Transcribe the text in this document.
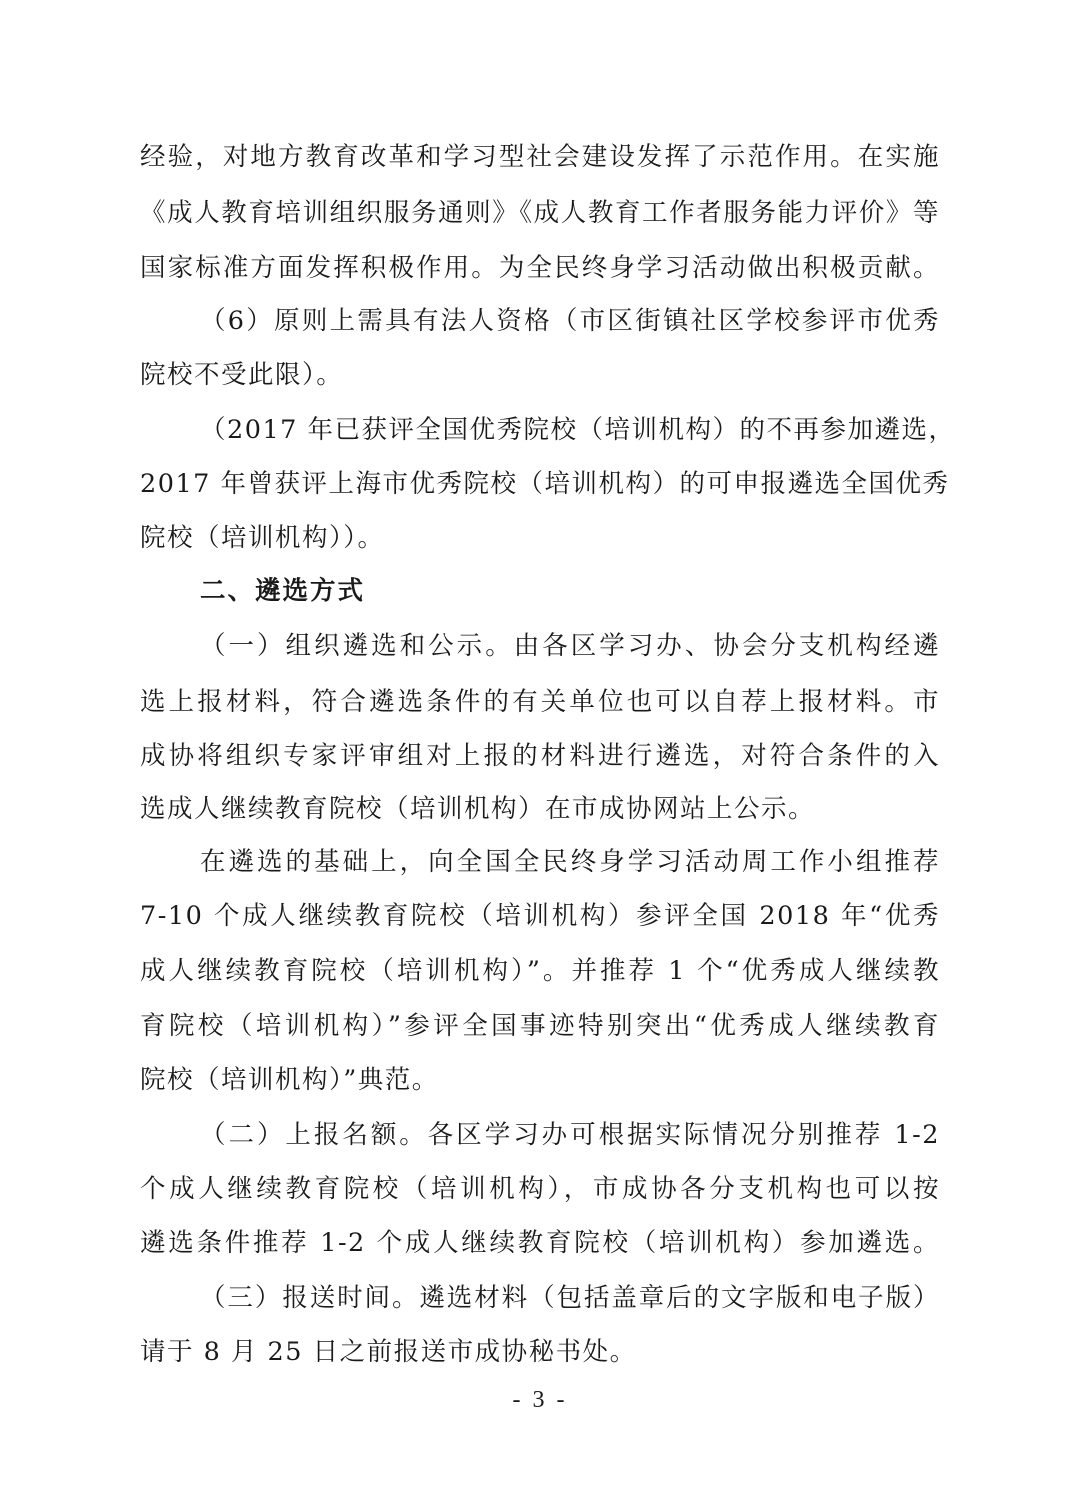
经验，对地方教育改革和学习型社会建设发挥了示范作用。在实施
《成人教育培训组织服务通则》《成人教育工作者服务能力评价》等
国家标准方面发挥积极作用。为全民终身学习活动做出积极贡献。
（6）原则上需具有法人资格（市区街镇社区学校参评市优秀
院校不受此限）。
（2017 年已获评全国优秀院校（培训机构）的不再参加遴选，
2017 年曾获评上海市优秀院校（培训机构）的可申报遴选全国优秀
院校（培训机构））。
二、遴选方式
（一）组织遴选和公示。由各区学习办、协会分支机构经遴
选上报材料，符合遴选条件的有关单位也可以自荐上报材料。市
成协将组织专家评审组对上报的材料进行遴选，对符合条件的入
选成人继续教育院校（培训机构）在市成协网站上公示。
在遴选的基础上，向全国全民终身学习活动周工作小组推荐
7-10 个成人继续教育院校（培训机构）参评全国 2018 年“优秀
成人继续教育院校（培训机构）”。并推荐 1 个“优秀成人继续教
育院校（培训机构）”参评全国事迹特别突出“优秀成人继续教育
院校（培训机构）”典范。
（二）上报名额。各区学习办可根据实际情况分别推荐 1-2
个成人继续教育院校（培训机构），市成协各分支机构也可以按
遴选条件推荐 1-2 个成人继续教育院校（培训机构）参加遴选。
（三）报送时间。遴选材料（包括盖章后的文字版和电子版）
请于 8 月 25 日之前报送市成协秘书处。
- 3 -
